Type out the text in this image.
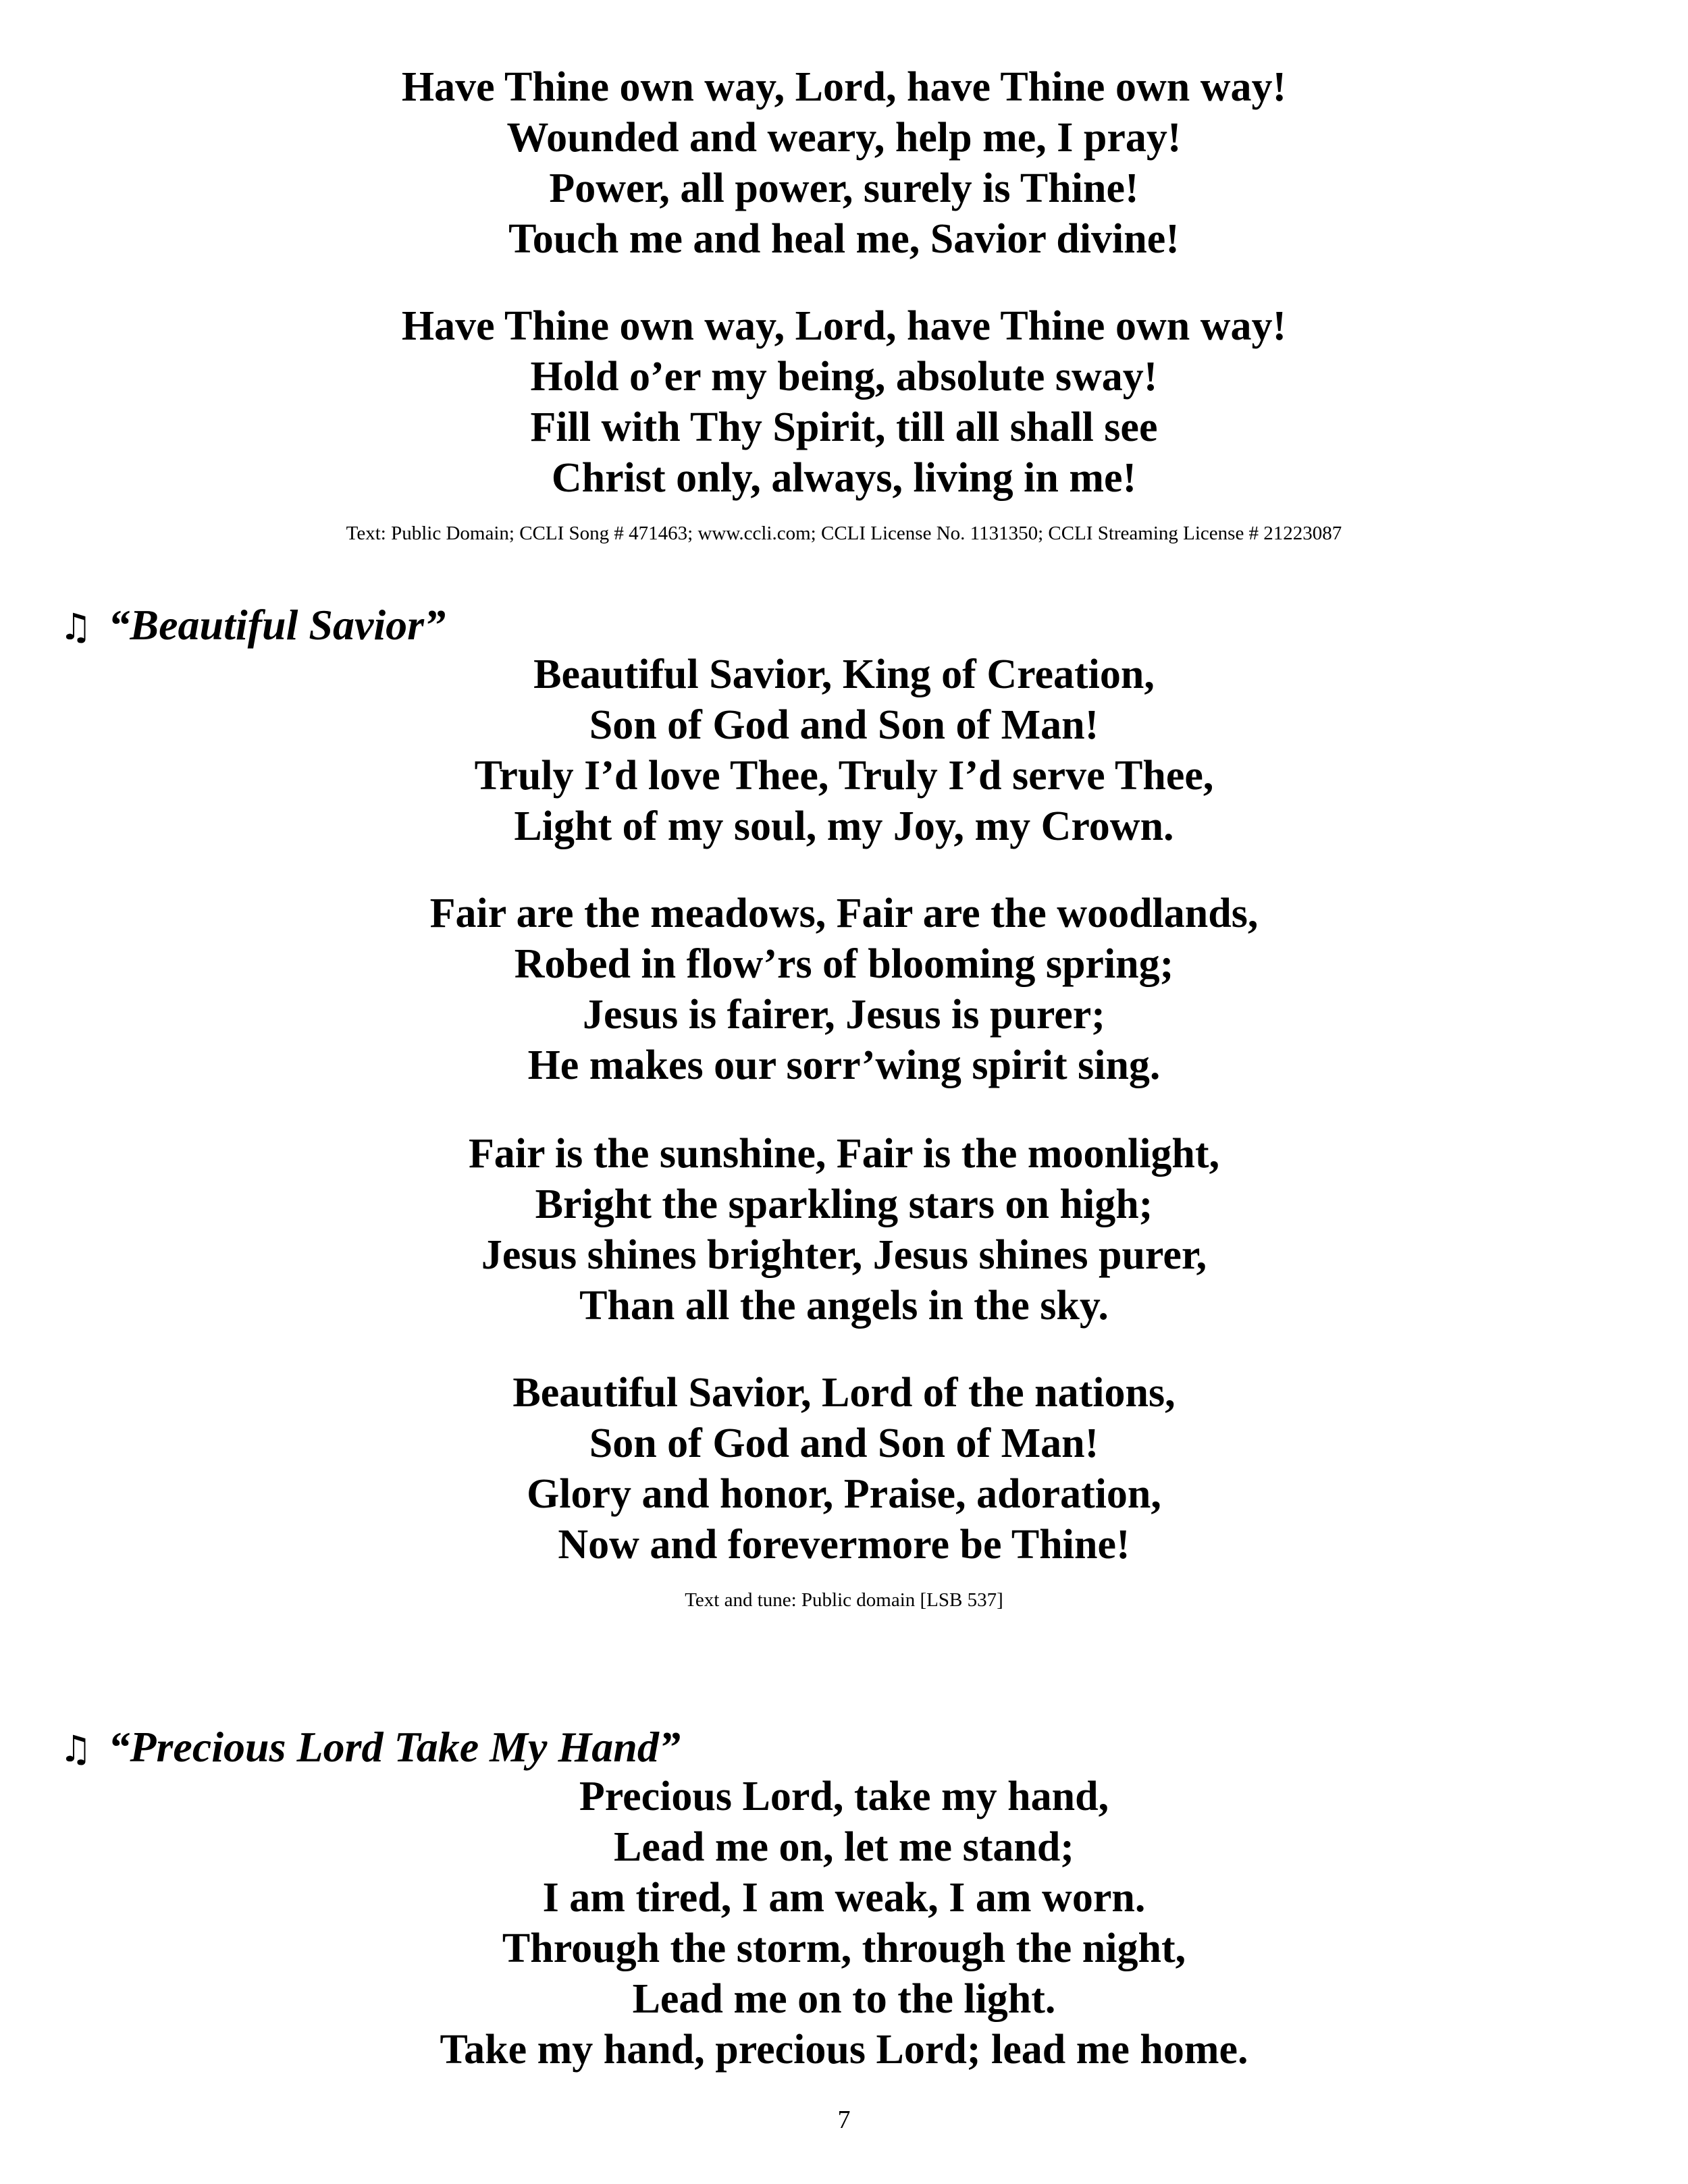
Have Thine own way, Lord, have Thine own way!
Wounded and weary, help me, I pray!
Power, all power, surely is Thine!
Touch me and heal me, Savior divine!
Have Thine own way, Lord, have Thine own way!
Hold o’er my being, absolute sway!
Fill with Thy Spirit, till all shall see
Christ only, always, living in me!
Text: Public Domain; CCLI Song # 471463; www.ccli.com; CCLI License No. 1131350; CCLI Streaming License # 21223087
♫ “Beautiful Savior”
Beautiful Savior, King of Creation,
Son of God and Son of Man!
Truly I’d love Thee, Truly I’d serve Thee,
Light of my soul, my Joy, my Crown.
Fair are the meadows, Fair are the woodlands,
Robed in flow’rs of blooming spring;
Jesus is fairer, Jesus is purer;
He makes our sorr’wing spirit sing.
Fair is the sunshine, Fair is the moonlight,
Bright the sparkling stars on high;
Jesus shines brighter, Jesus shines purer,
Than all the angels in the sky.
Beautiful Savior, Lord of the nations,
Son of God and Son of Man!
Glory and honor, Praise, adoration,
Now and forevermore be Thine!
Text and tune: Public domain [LSB 537]
♫ “Precious Lord Take My Hand”
Precious Lord, take my hand,
Lead me on, let me stand;
I am tired, I am weak, I am worn.
Through the storm, through the night,
Lead me on to the light.
Take my hand, precious Lord; lead me home.
7
